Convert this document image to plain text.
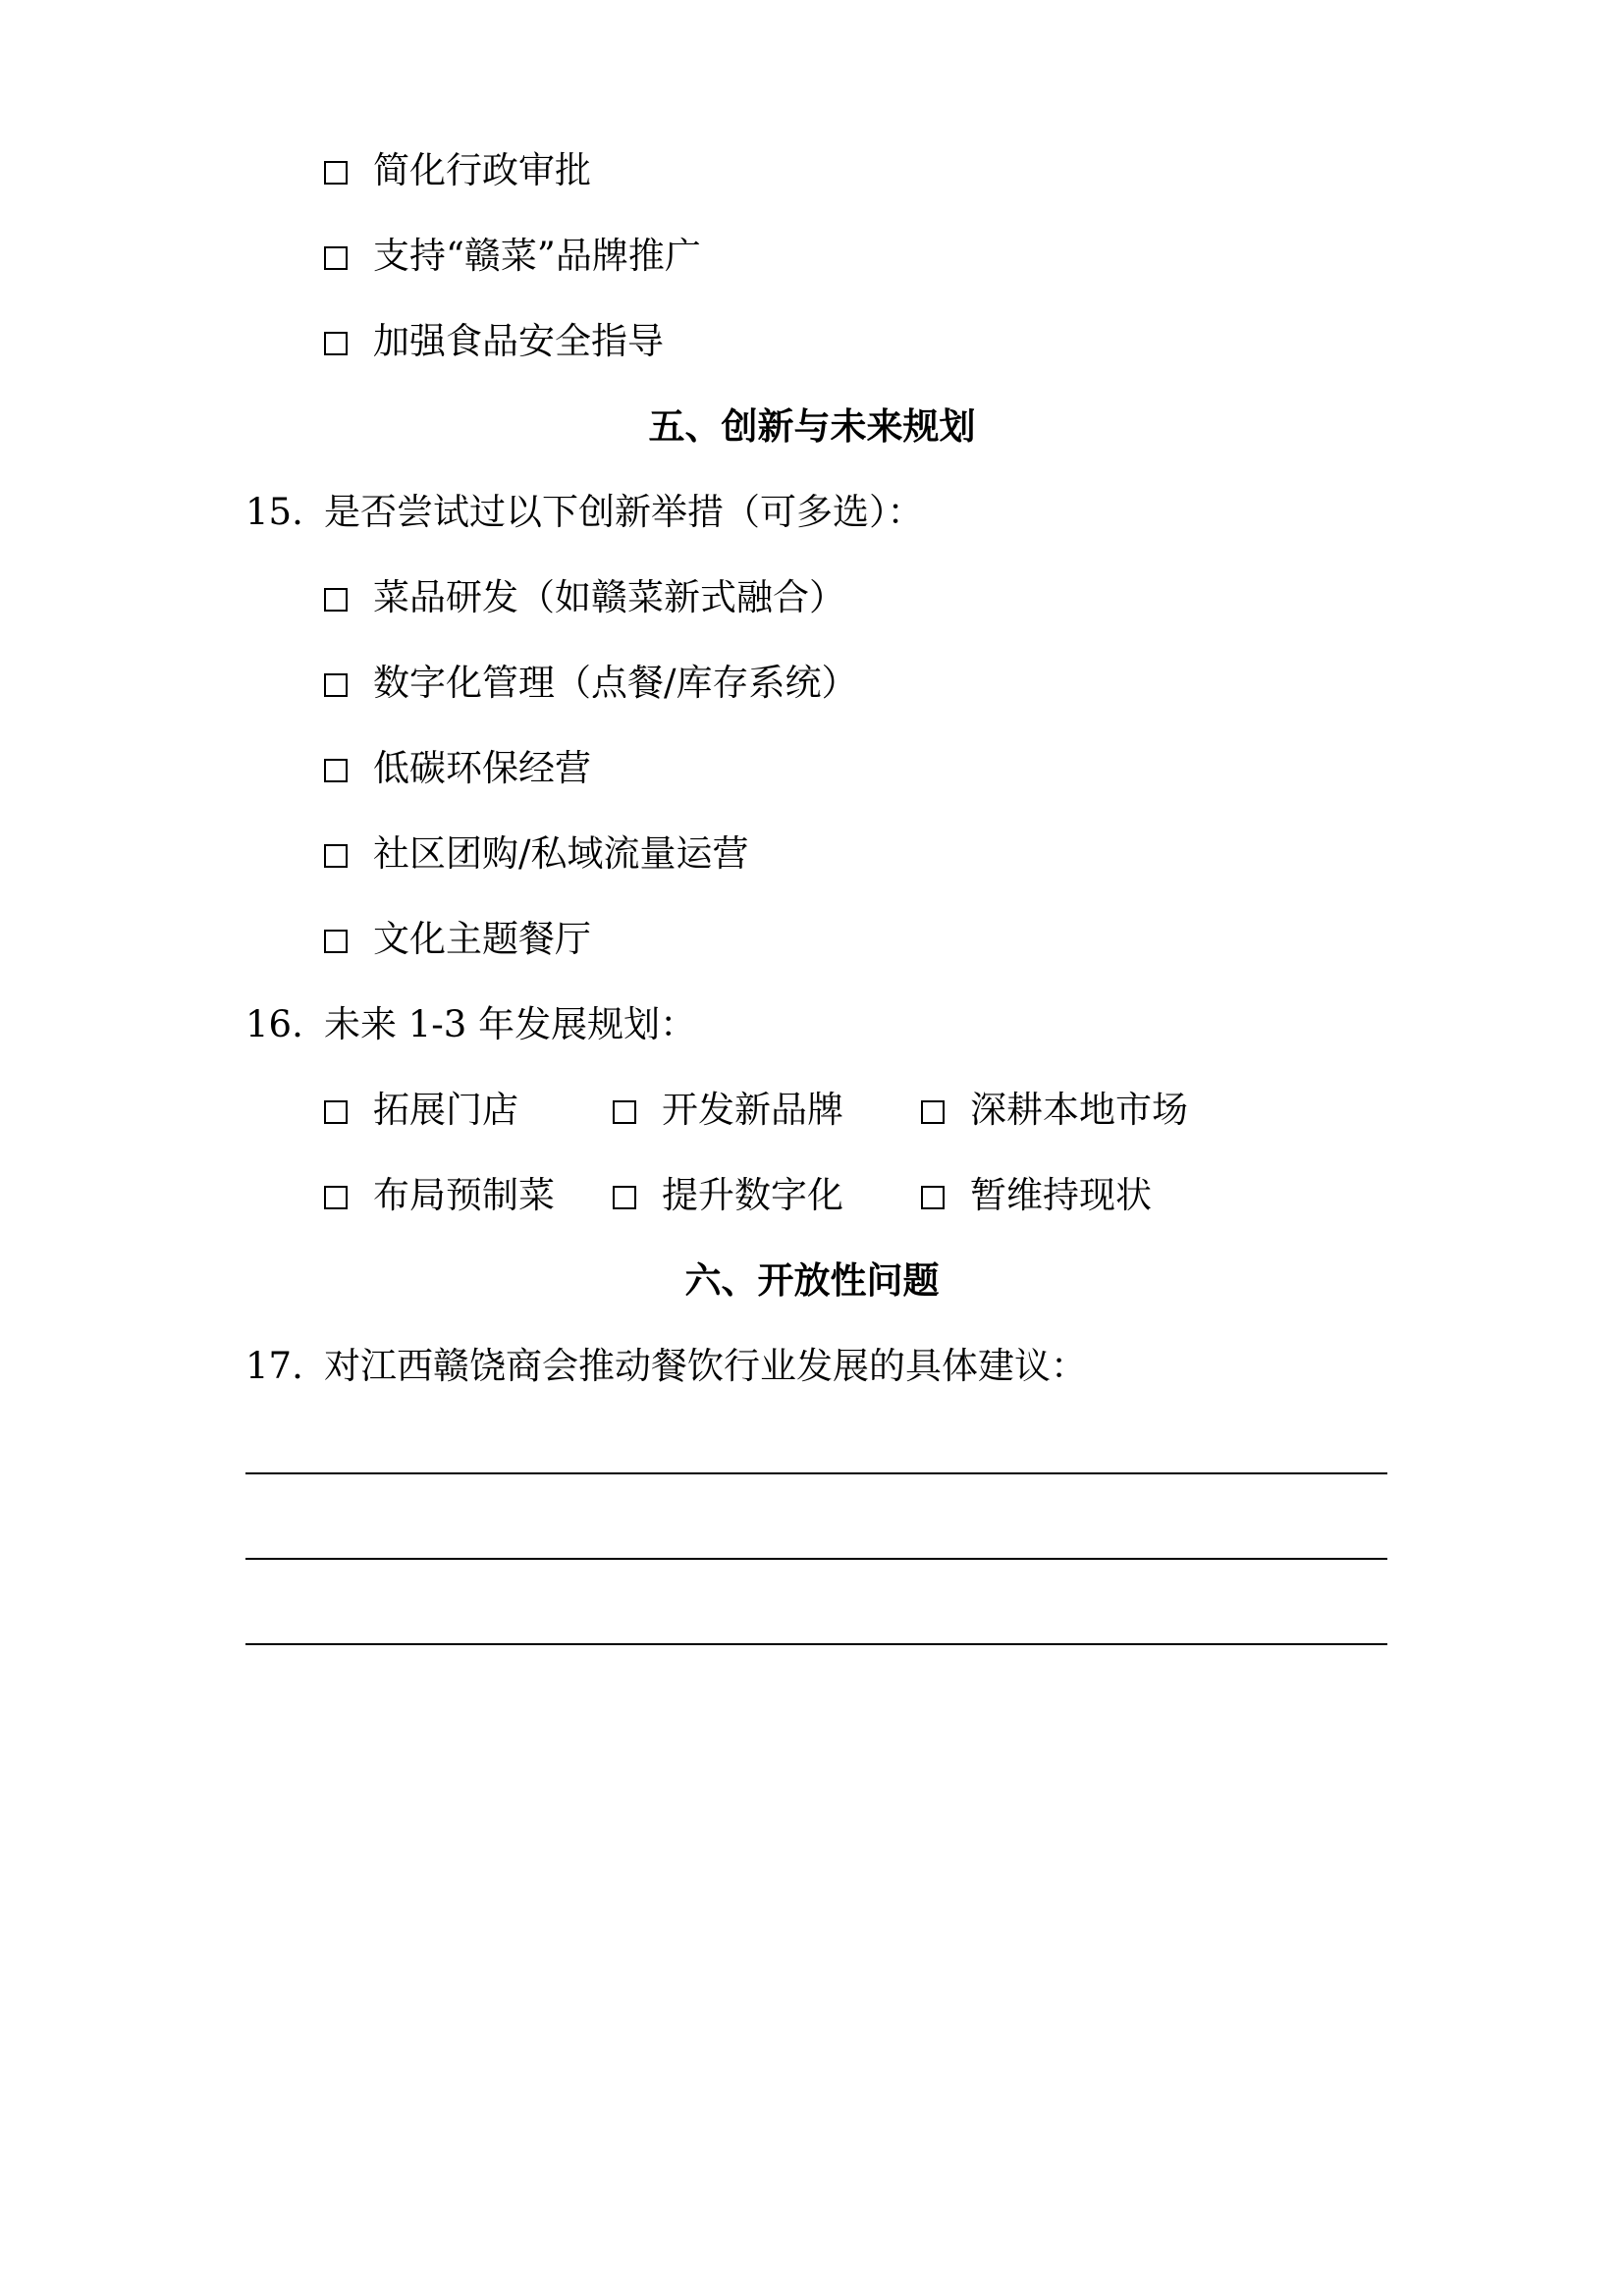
简化行政审批
支持“赣菜”品牌推广
加强食品安全指导
五、创新与未来规划
15. 是否尝试过以下创新举措（可多选）：
菜品研发（如赣菜新式融合）
数字化管理（点餐/库存系统）
低碳环保经营
社区团购/私域流量运营
文化主题餐厅
16. 未来 1-3 年发展规划：
拓展门店	开发新品牌	深耕本地市场
布局预制菜	提升数字化	暂维持现状
六、开放性问题
17. 对江西赣饶商会推动餐饮行业发展的具体建议：
